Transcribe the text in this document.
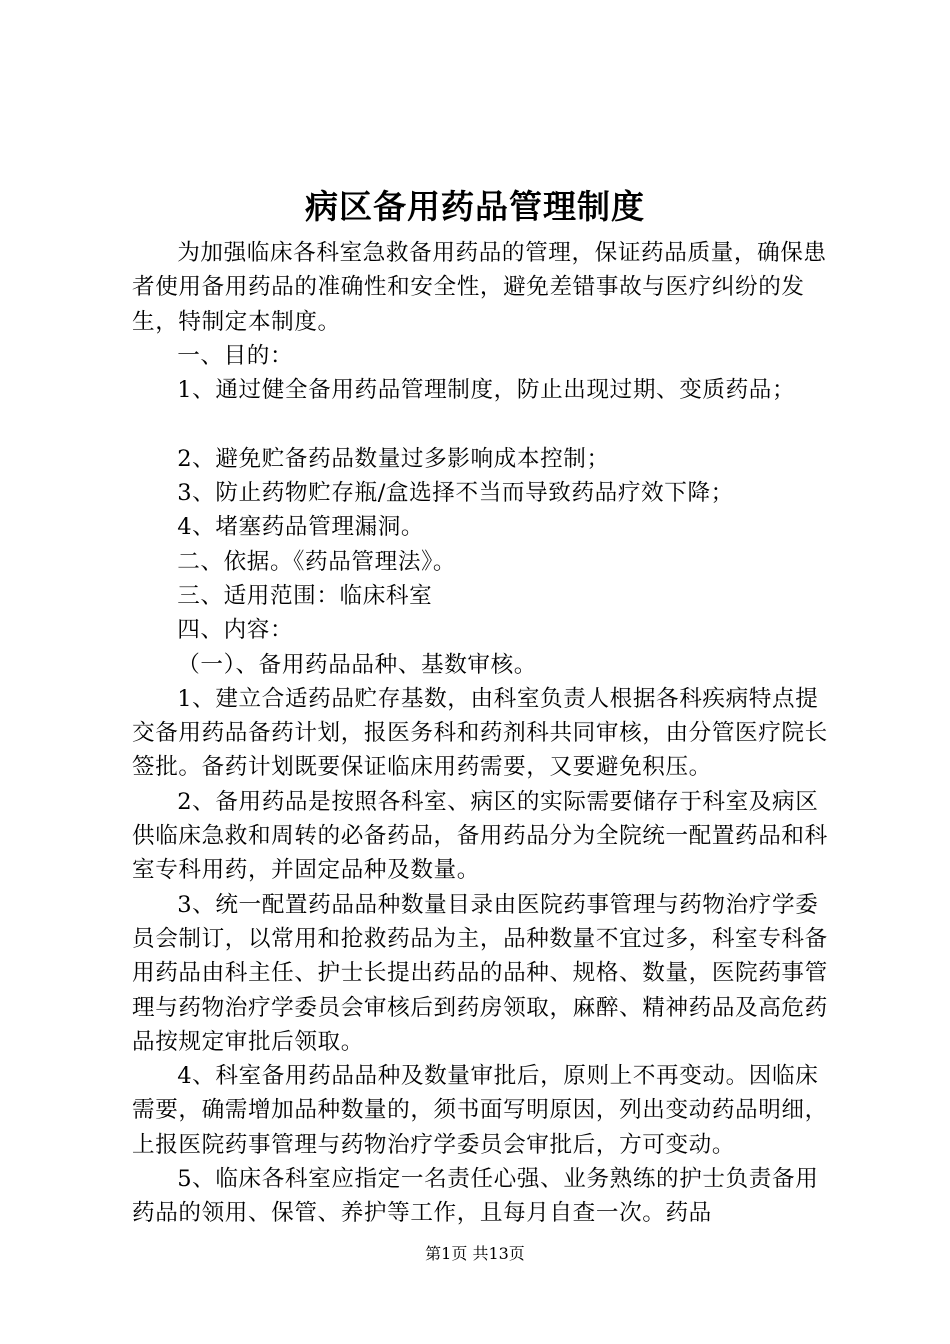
病区备用药品管理制度

为加强临床各科室急救备用药品的管理，保证药品质量，确保患者使用备用药品的准确性和安全性，避免差错事故与医疗纠纷的发生，特制定本制度。

一、目的：

1、通过健全备用药品管理制度，防止出现过期、变质药品；

2、避免贮备药品数量过多影响成本控制；

3、防止药物贮存瓶/盒选择不当而导致药品疗效下降；

4、堵塞药品管理漏洞。

二、依据。《药品管理法》。

三、适用范围：临床科室

四、内容：

（一）、备用药品品种、基数审核。

1、建立合适药品贮存基数，由科室负责人根据各科疾病特点提交备用药品备药计划，报医务科和药剂科共同审核，由分管医疗院长签批。备药计划既要保证临床用药需要，又要避免积压。

2、备用药品是按照各科室、病区的实际需要储存于科室及病区供临床急救和周转的必备药品，备用药品分为全院统一配置药品和科室专科用药，并固定品种及数量。

3、统一配置药品品种数量目录由医院药事管理与药物治疗学委员会制订，以常用和抢救药品为主，品种数量不宜过多，科室专科备用药品由科主任、护士长提出药品的品种、规格、数量，医院药事管理与药物治疗学委员会审核后到药房领取，麻醉、精神药品及高危药品按规定审批后领取。

4、科室备用药品品种及数量审批后，原则上不再变动。因临床需要，确需增加品种数量的，须书面写明原因，列出变动药品明细，上报医院药事管理与药物治疗学委员会审批后，方可变动。

5、临床各科室应指定一名责任心强、业务熟练的护士负责备用药品的领用、保管、养护等工作，且每月自查一次。药品

第1页 共13页
